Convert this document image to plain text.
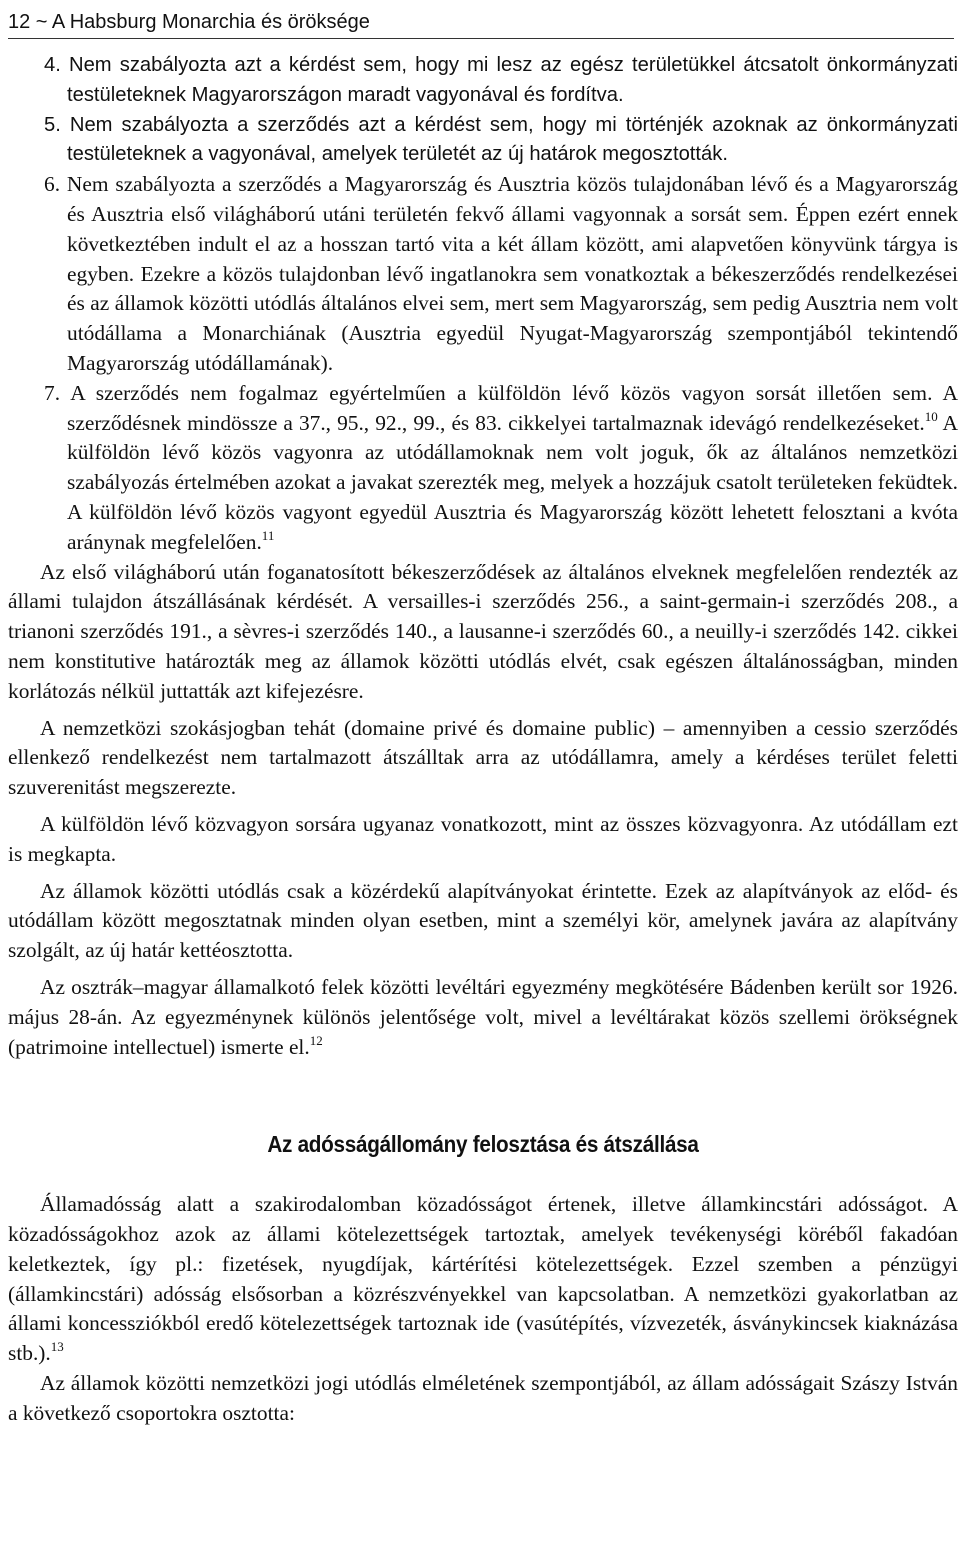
12 ~ A Habsburg Monarchia és öröksége

4. Nem szabályozta azt a kérdést sem, hogy mi lesz az egész területükkel átcsatolt önkormányzati testületeknek Magyarországon maradt vagyonával és fordítva.

5. Nem szabályozta a szerződés azt a kérdést sem, hogy mi történjék azoknak az önkormányzati testületeknek a vagyonával, amelyek területét az új határok megosztották.

6. Nem szabályozta a szerződés a Magyarország és Ausztria közös tulajdonában lévő és a Magyarország és Ausztria első világháború utáni területén fekvő állami vagyonnak a sorsát sem. Éppen ezért ennek következtében indult el az a hosszan tartó vita a két állam között, ami alapvetően könyvünk tárgya is egyben. Ezekre a közös tulajdonban lévő ingatlanokra sem vonatkoztak a békeszerződés rendelkezései és az államok közötti utódlás általános elvei sem, mert sem Magyarország, sem pedig Ausztria nem volt utódállama a Monarchiának (Ausztria egyedül Nyugat-Magyarország szempontjából tekintendő Magyarország utódállamának).

7. A szerződés nem fogalmaz egyértelműen a külföldön lévő közös vagyon sorsát illetően sem. A szerződésnek mindössze a 37., 95., 92., 99., és 83. cikkelyei tartalmaznak idevágó rendelkezéseket.$^{10}$ A külföldön lévő közös vagyonra az utódállamoknak nem volt joguk, ők az általános nemzetközi szabályozás értelmében azokat a javakat szerezték meg, melyek a hozzájuk csatolt területeken feküdtek. A külföldön lévő közös vagyont egyedül Ausztria és Magyarország között lehetett felosztani a kvóta aránynak megfelelően.$^{11}$

Az első világháború után foganatosított békeszerződések az általános elveknek megfelelően rendezték az állami tulajdon átszállásának kérdését. A versailles-i szerződés 256., a saint-germain-i szerződés 208., a trianoni szerződés 191., a sèvres-i szerződés 140., a lausanne-i szerződés 60., a neuilly-i szerződés 142. cikkei nem konstitutive határozták meg az államok közötti utódlás elvét, csak egészen általánosságban, minden korlátozás nélkül juttatták azt kifejezésre.

A nemzetközi szokásjogban tehát (domaine privé és domaine public) – amennyiben a cessio szerződés ellenkező rendelkezést nem tartalmazott átszálltak arra az utódállamra, amely a kérdéses terület feletti szuverenitást megszerezte.

A külföldön lévő közvagyon sorsára ugyanaz vonatkozott, mint az összes közvagyonra. Az utódállam ezt is megkapta.

Az államok közötti utódlás csak a közérdekű alapítványokat érintette. Ezek az alapítványok az előd- és utódállam között megosztatnak minden olyan esetben, mint a személyi kör, amelynek javára az alapítvány szolgált, az új határ kettéosztotta.

Az osztrák–magyar államalkotó felek közötti levéltári egyezmény megkötésére Bádenben került sor 1926. május 28-án. Az egyezménynek különös jelentősége volt, mivel a levéltárakat közös szellemi örökségnek (patrimoine intellectuel) ismerte el.$^{12}$

Az adósságállomány felosztása és átszállása

Államadósság alatt a szakirodalomban közadósságot értenek, illetve államkincstári adósságot. A közadósságokhoz azok az állami kötelezettségek tartoztak, amelyek tevékenységi köréből fakadóan keletkeztek, így pl.: fizetések, nyugdíjak, kártérítési kötelezettségek. Ezzel szemben a pénzügyi (államkincstári) adósság elsősorban a közrészvényekkel van kapcsolatban. A nemzetközi gyakorlatban az állami koncessziókból eredő kötelezettségek tartoznak ide (vasútépítés, vízvezeték, ásványkincsek kiaknázása stb.).$^{13}$

Az államok közötti nemzetközi jogi utódlás elméletének szempontjából, az állam adósságait Szászy István a következő csoportokra osztotta:
